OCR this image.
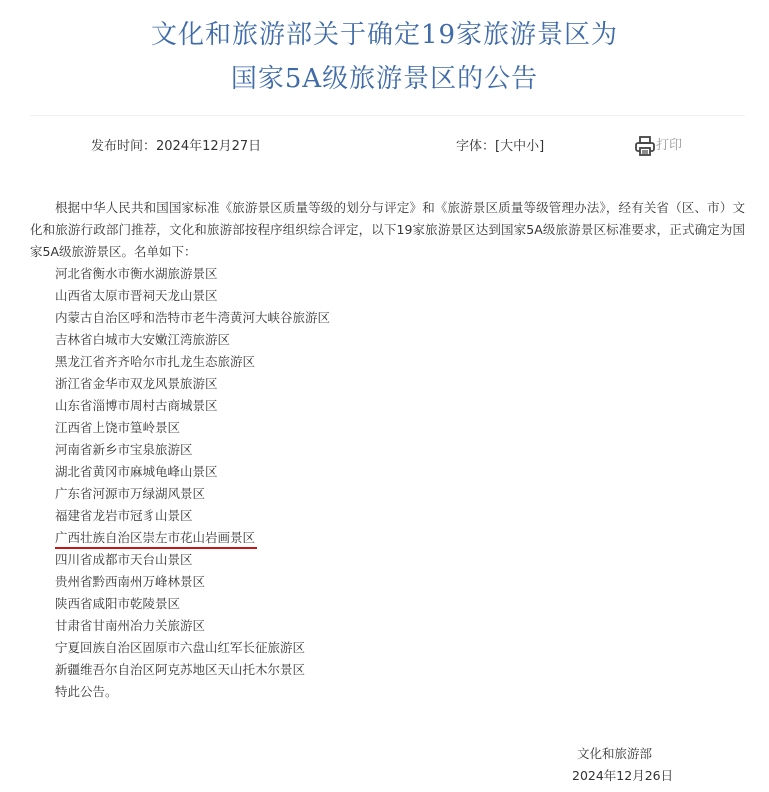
文化和旅游部关于确定19家旅游景区为
国家5A级旅游景区的公告
发布时间：2024年12月27日	字体：[大中小]	打印

根据中华人民共和国国家标准《旅游景区质量等级的划分与评定》和《旅游景区质量等级管理办法》，经有关省（区、市）文化和旅游行政部门推荐，文化和旅游部按程序组织综合评定，以下19家旅游景区达到国家5A级旅游景区标准要求，正式确定为国家5A级旅游景区。名单如下：

河北省衡水市衡水湖旅游景区

山西省太原市晋祠天龙山景区

内蒙古自治区呼和浩特市老牛湾黄河大峡谷旅游区

吉林省白城市大安嫩江湾旅游区

黑龙江省齐齐哈尔市扎龙生态旅游区

浙江省金华市双龙风景旅游区

山东省淄博市周村古商城景区

江西省上饶市篁岭景区

河南省新乡市宝泉旅游区

湖北省黄冈市麻城龟峰山景区

广东省河源市万绿湖风景区

福建省龙岩市冠豸山景区

广西壮族自治区崇左市花山岩画景区

四川省成都市天台山景区

贵州省黔西南州万峰林景区

陕西省咸阳市乾陵景区

甘肃省甘南州冶力关旅游区

宁夏回族自治区固原市六盘山红军长征旅游区

新疆维吾尔自治区阿克苏地区天山托木尔景区

特此公告。

文化和旅游部
2024年12月26日
